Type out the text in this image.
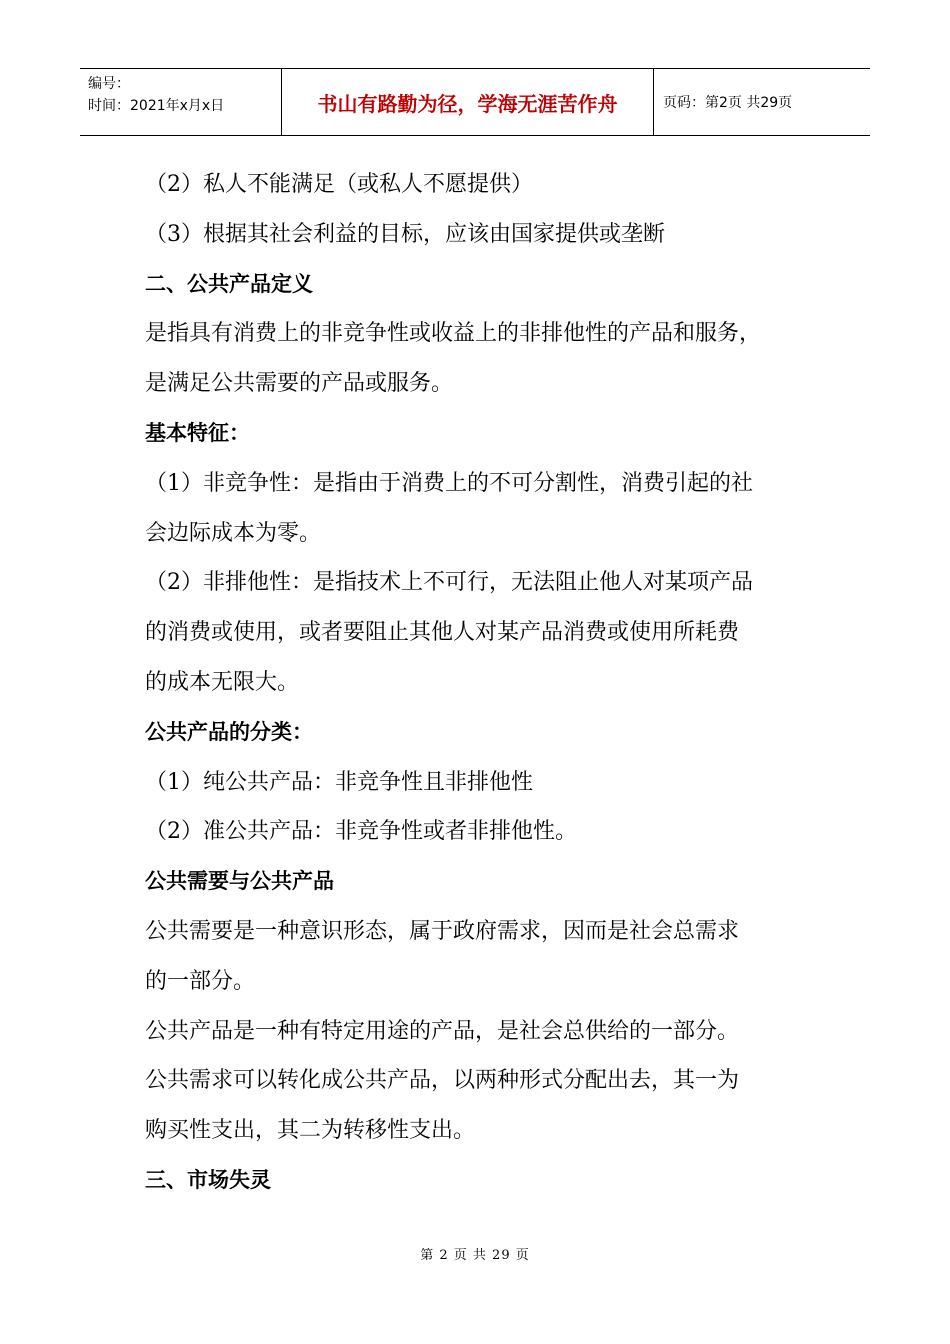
编号：
时间：2021年x月x日	书山有路勤为径，学海无涯苦作舟	页码：第2页 共29页
（2）私人不能满足（或私人不愿提供）
（3）根据其社会利益的目标，应该由国家提供或垄断
二、公共产品定义
是指具有消费上的非竞争性或收益上的非排他性的产品和服务，
是满足公共需要的产品或服务。
基本特征：
（1）非竞争性：是指由于消费上的不可分割性，消费引起的社
会边际成本为零。
（2）非排他性：是指技术上不可行，无法阻止他人对某项产品
的消费或使用，或者要阻止其他人对某产品消费或使用所耗费
的成本无限大。
公共产品的分类：
（1）纯公共产品：非竞争性且非排他性
（2）准公共产品：非竞争性或者非排他性。
公共需要与公共产品
公共需要是一种意识形态，属于政府需求，因而是社会总需求
的一部分。
公共产品是一种有特定用途的产品，是社会总供给的一部分。
公共需求可以转化成公共产品，以两种形式分配出去，其一为
购买性支出，其二为转移性支出。
三、市场失灵
第 2 页 共 29 页
